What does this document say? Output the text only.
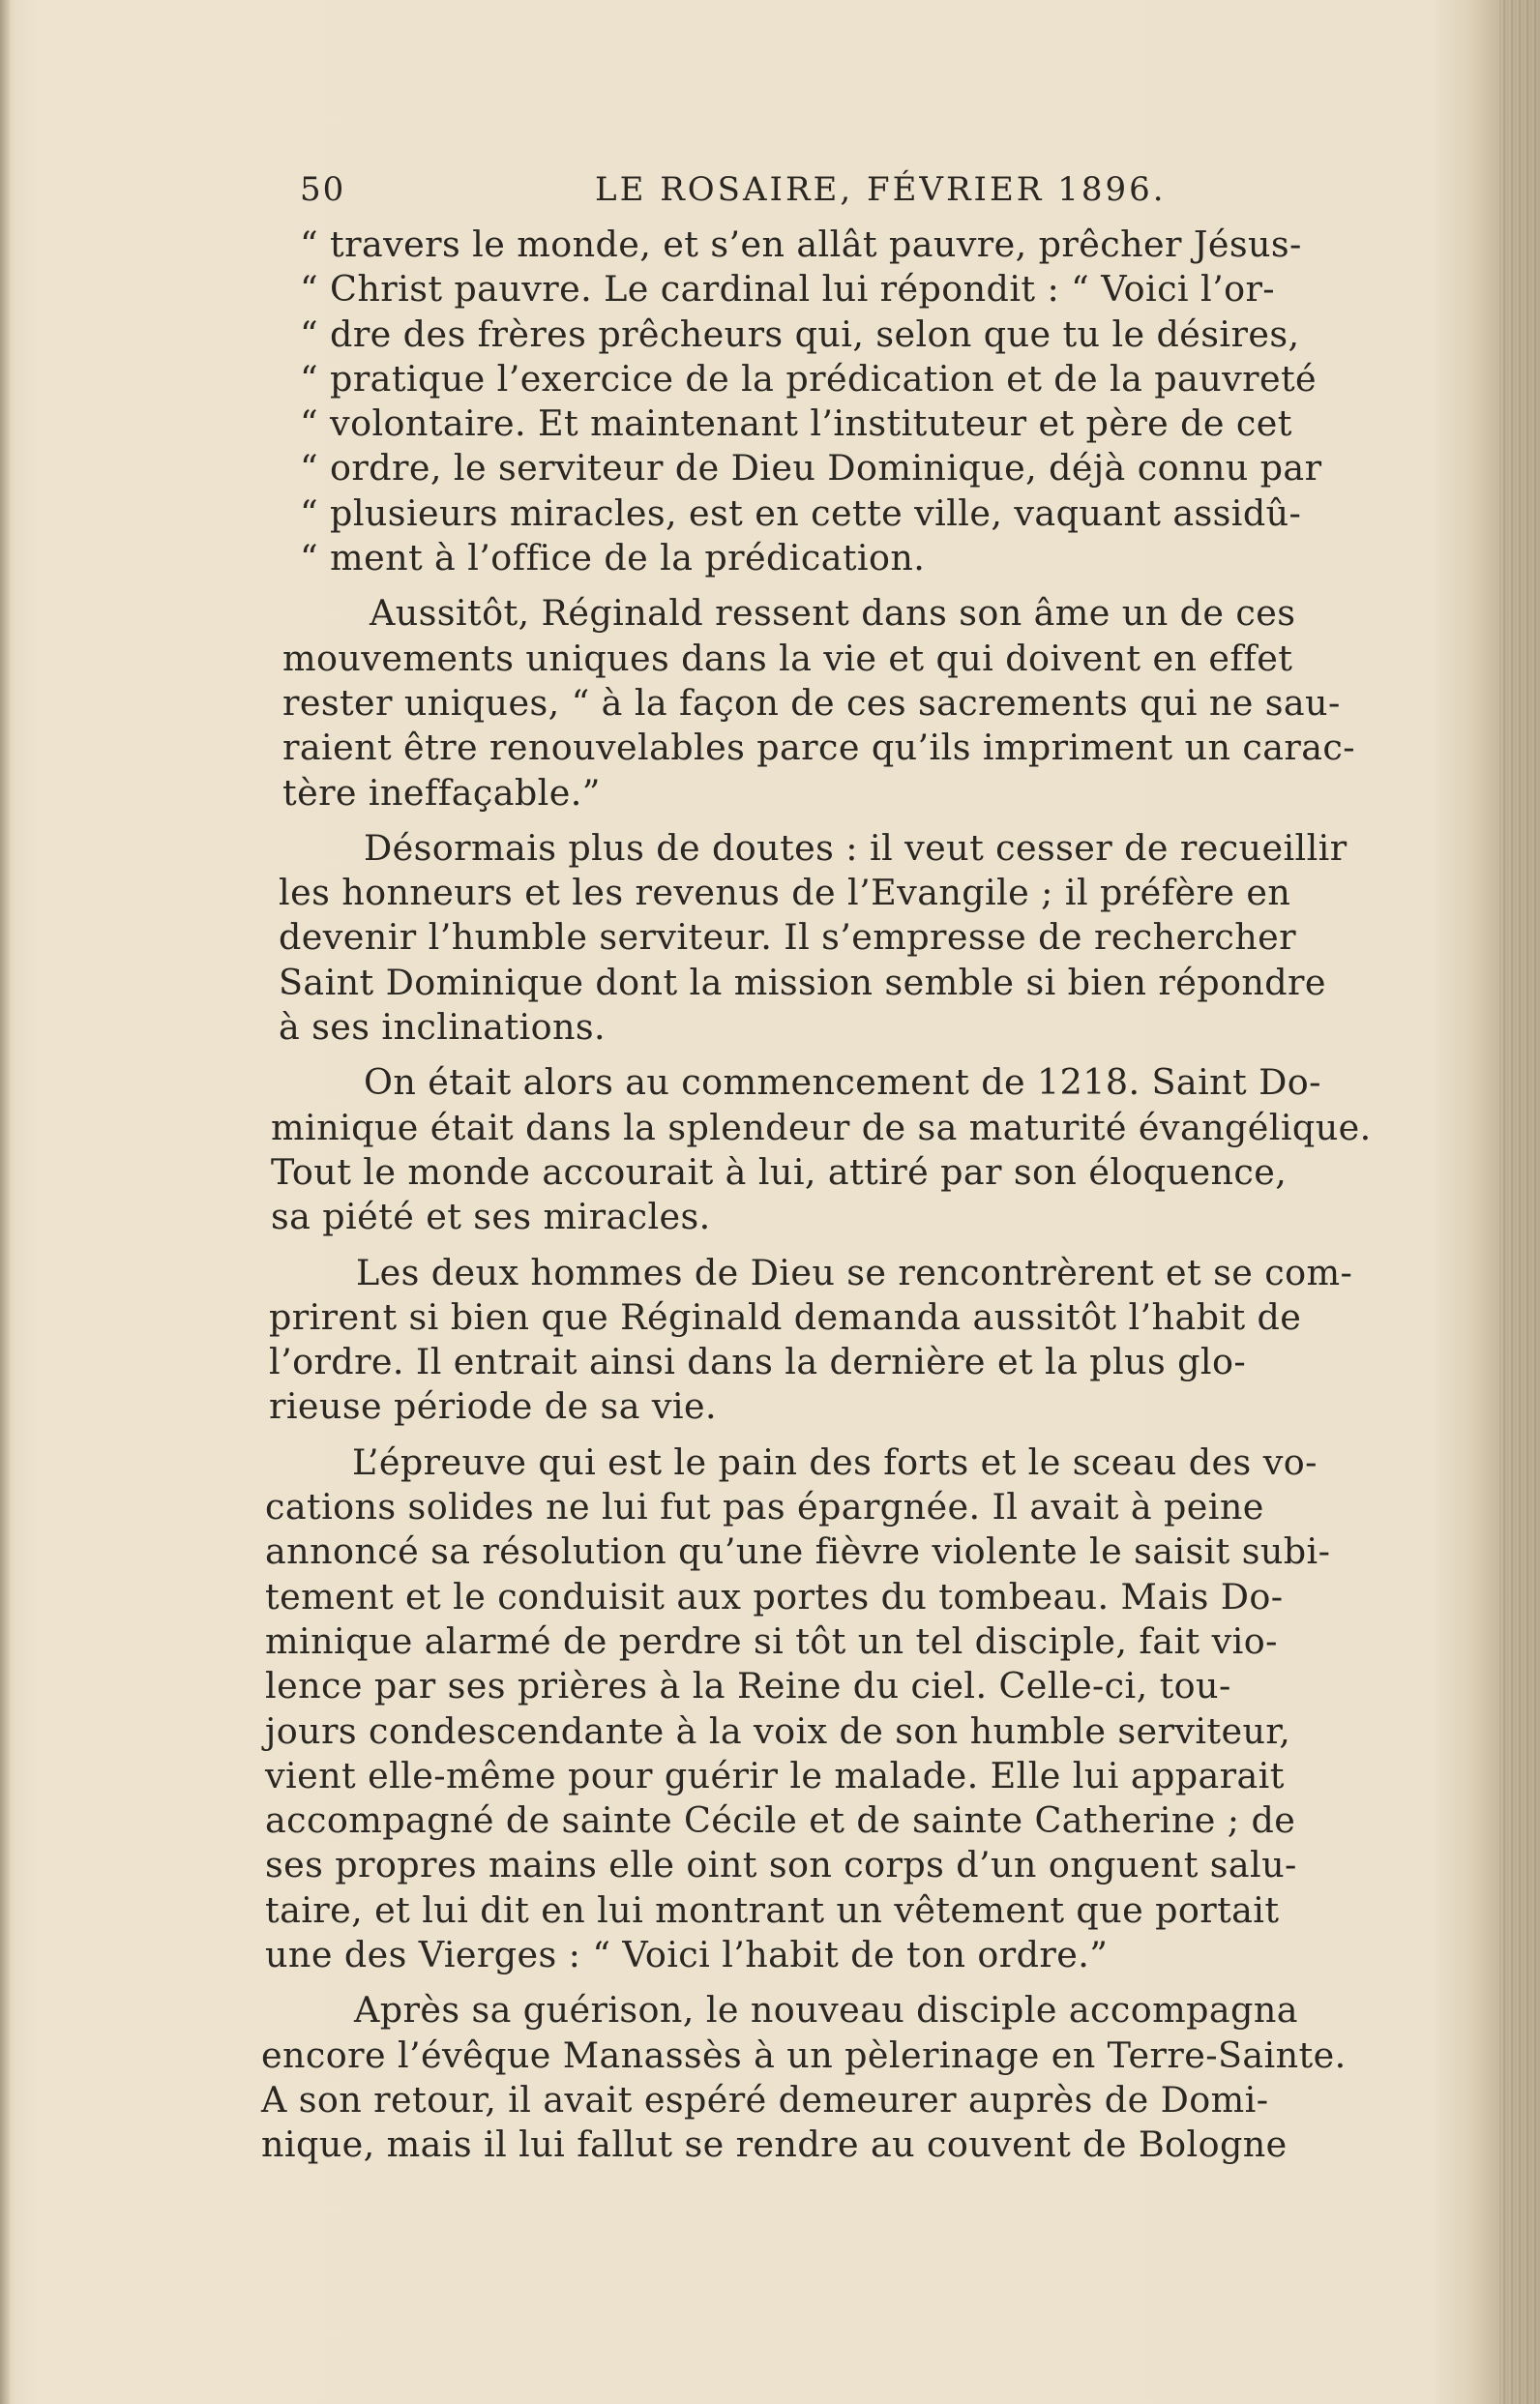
50	LE ROSAIRE, FÉVRIER 1896.

“ travers le monde, et s’en allât pauvre, prêcher Jésus-
“ Christ pauvre. Le cardinal lui répondit : “ Voici l’or-
“ dre des frères prêcheurs qui, selon que tu le désires,
“ pratique l’exercice de la prédication et de la pauvreté
“ volontaire. Et maintenant l’instituteur et père de cet
“ ordre, le serviteur de Dieu Dominique, déjà connu par
“ plusieurs miracles, est en cette ville, vaquant assidû-
“ ment à l’office de la prédication.

Aussitôt, Réginald ressent dans son âme un de ces
mouvements uniques dans la vie et qui doivent en effet
rester uniques, “ à la façon de ces sacrements qui ne sau-
raient être renouvelables parce qu’ils impriment un carac-
tère ineffaçable.”

Désormais plus de doutes : il veut cesser de recueillir
les honneurs et les revenus de l’Evangile ; il préfère en
devenir l’humble serviteur. Il s’empresse de rechercher
Saint Dominique dont la mission semble si bien répondre
à ses inclinations.

On était alors au commencement de 1218. Saint Do-
minique était dans la splendeur de sa maturité évangélique.
Tout le monde accourait à lui, attiré par son éloquence,
sa piété et ses miracles.

Les deux hommes de Dieu se rencontrèrent et se com-
prirent si bien que Réginald demanda aussitôt l’habit de
l’ordre. Il entrait ainsi dans la dernière et la plus glo-
rieuse période de sa vie.

L’épreuve qui est le pain des forts et le sceau des vo-
cations solides ne lui fut pas épargnée. Il avait à peine
annoncé sa résolution qu’une fièvre violente le saisit subi-
tement et le conduisit aux portes du tombeau. Mais Do-
minique alarmé de perdre si tôt un tel disciple, fait vio-
lence par ses prières à la Reine du ciel. Celle-ci, tou-
jours condescendante à la voix de son humble serviteur,
vient elle-même pour guérir le malade. Elle lui apparait
accompagné de sainte Cécile et de sainte Catherine ; de
ses propres mains elle oint son corps d’un onguent salu-
taire, et lui dit en lui montrant un vêtement que portait
une des Vierges : “ Voici l’habit de ton ordre.”

Après sa guérison, le nouveau disciple accompagna
encore l’évêque Manassès à un pèlerinage en Terre-Sainte.
A son retour, il avait espéré demeurer auprès de Domi-
nique, mais il lui fallut se rendre au couvent de Bologne
